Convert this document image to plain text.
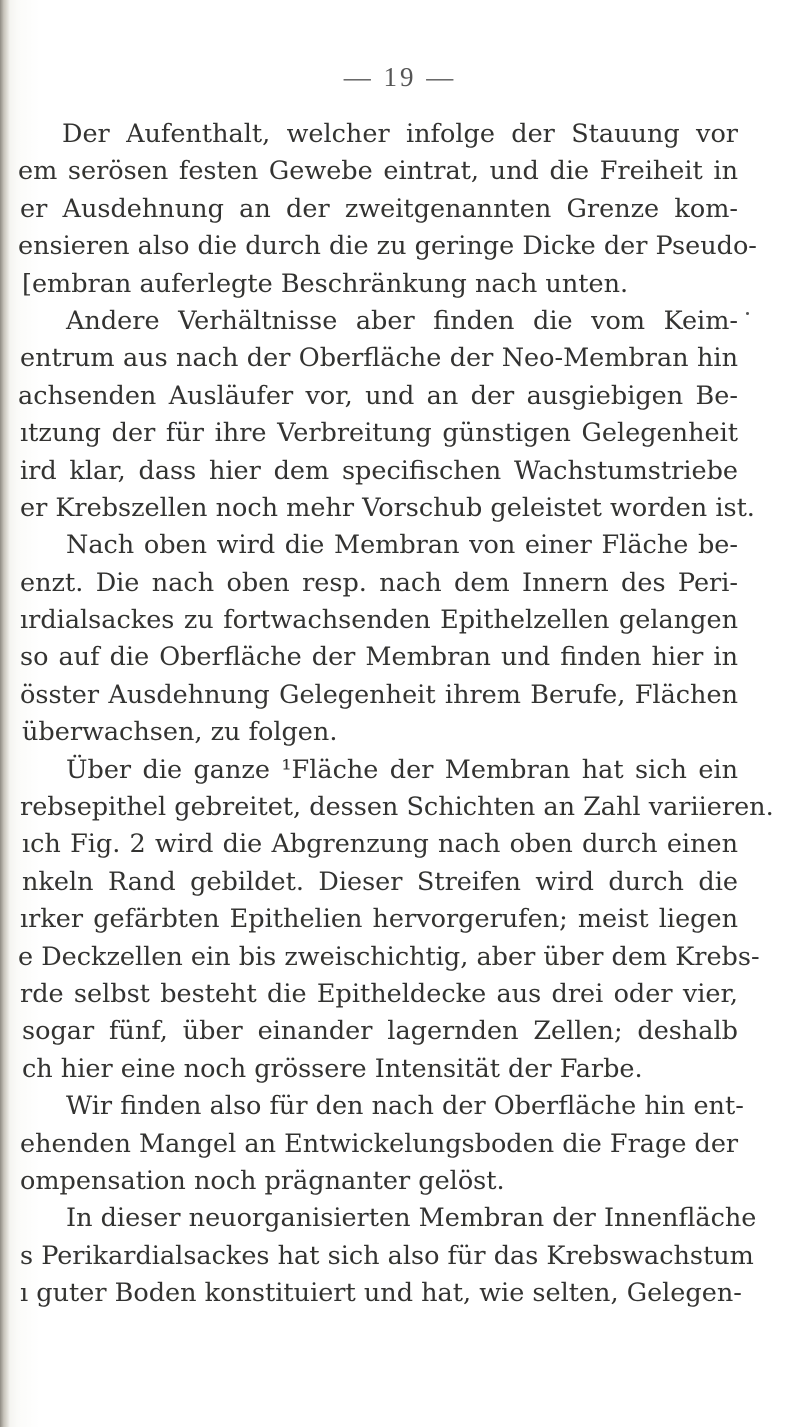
— 19 —
Der Aufenthalt, welcher infolge der Stauung vor
em serösen festen Gewebe eintrat, und die Freiheit in
er Ausdehnung an der zweitgenannten Grenze kom-
ensieren also die durch die zu geringe Dicke der Pseudo-
[embran auferlegte Beschränkung nach unten.
Andere Verhältnisse aber finden die vom Keim-
entrum aus nach der Oberfläche der Neo-Membran hin
achsenden Ausläufer vor, und an der ausgiebigen Be-
ıtzung der für ihre Verbreitung günstigen Gelegenheit
ird klar, dass hier dem specifischen Wachstumstriebe
er Krebszellen noch mehr Vorschub geleistet worden ist.
Nach oben wird die Membran von einer Fläche be-
enzt. Die nach oben resp. nach dem Innern des Peri-
ırdialsackes zu fortwachsenden Epithelzellen gelangen
so auf die Oberfläche der Membran und finden hier in
össter Ausdehnung Gelegenheit ihrem Berufe, Flächen
überwachsen, zu folgen.
Über die ganze ¹Fläche der Membran hat sich ein
rebsepithel gebreitet, dessen Schichten an Zahl variieren.
ıch Fig. 2 wird die Abgrenzung nach oben durch einen
nkeln Rand gebildet. Dieser Streifen wird durch die
ırker gefärbten Epithelien hervorgerufen; meist liegen
e Deckzellen ein bis zweischichtig, aber über dem Krebs-
rde selbst besteht die Epitheldecke aus drei oder vier,
sogar fünf, über einander lagernden Zellen; deshalb
ch hier eine noch grössere Intensität der Farbe.
Wir finden also für den nach der Oberfläche hin ent-
ehenden Mangel an Entwickelungsboden die Frage der
ompensation noch prägnanter gelöst.
In dieser neuorganisierten Membran der Innenfläche
s Perikardialsackes hat sich also für das Krebswachstum
ı guter Boden konstituiert und hat, wie selten, Gelegen-
